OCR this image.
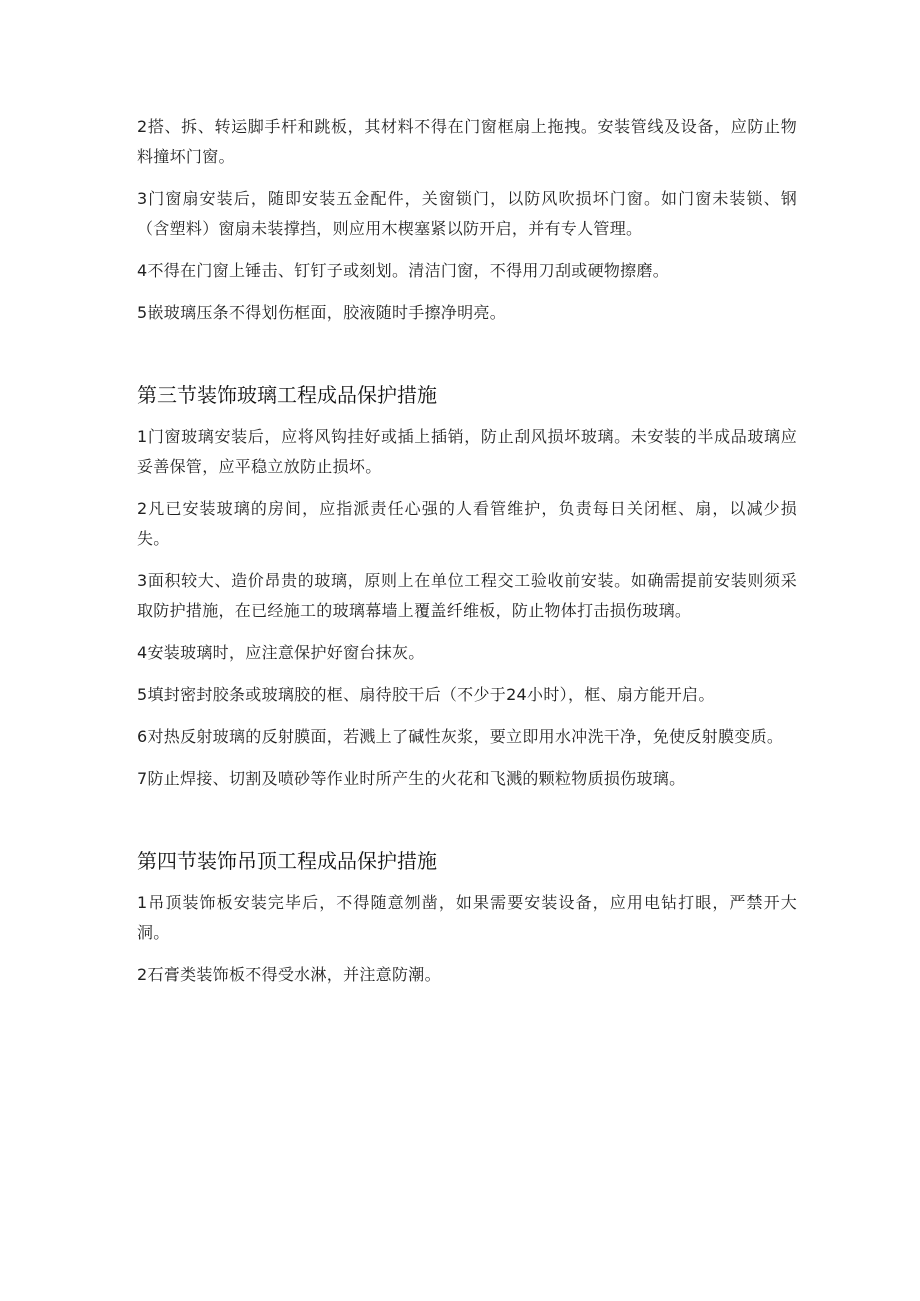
2搭、拆、转运脚手杆和跳板，其材料不得在门窗框扇上拖拽。安装管线及设备，应防止物料撞坏门窗。

3门窗扇安装后，随即安装五金配件，关窗锁门，以防风吹损坏门窗。如门窗未装锁、钢（含塑料）窗扇未装撑挡，则应用木楔塞紧以防开启，并有专人管理。

4不得在门窗上锤击、钉钉子或刻划。清洁门窗，不得用刀刮或硬物擦磨。

5嵌玻璃压条不得划伤框面，胶液随时手擦净明亮。

第三节装饰玻璃工程成品保护措施

1门窗玻璃安装后，应将风钩挂好或插上插销，防止刮风损坏玻璃。未安装的半成品玻璃应妥善保管，应平稳立放防止损坏。

2凡已安装玻璃的房间，应指派责任心强的人看管维护，负责每日关闭框、扇，以减少损失。

3面积较大、造价昂贵的玻璃，原则上在单位工程交工验收前安装。如确需提前安装则须采取防护措施，在已经施工的玻璃幕墙上覆盖纤维板，防止物体打击损伤玻璃。

4安装玻璃时，应注意保护好窗台抹灰。

5填封密封胶条或玻璃胶的框、扇待胶干后（不少于24小时），框、扇方能开启。

6对热反射玻璃的反射膜面，若溅上了碱性灰浆，要立即用水冲洗干净，免使反射膜变质。

7防止焊接、切割及喷砂等作业时所产生的火花和飞溅的颗粒物质损伤玻璃。

第四节装饰吊顶工程成品保护措施

1吊顶装饰板安装完毕后，不得随意刎凿，如果需要安装设备，应用电钻打眼，严禁开大洞。

2石膏类装饰板不得受水淋，并注意防潮。
